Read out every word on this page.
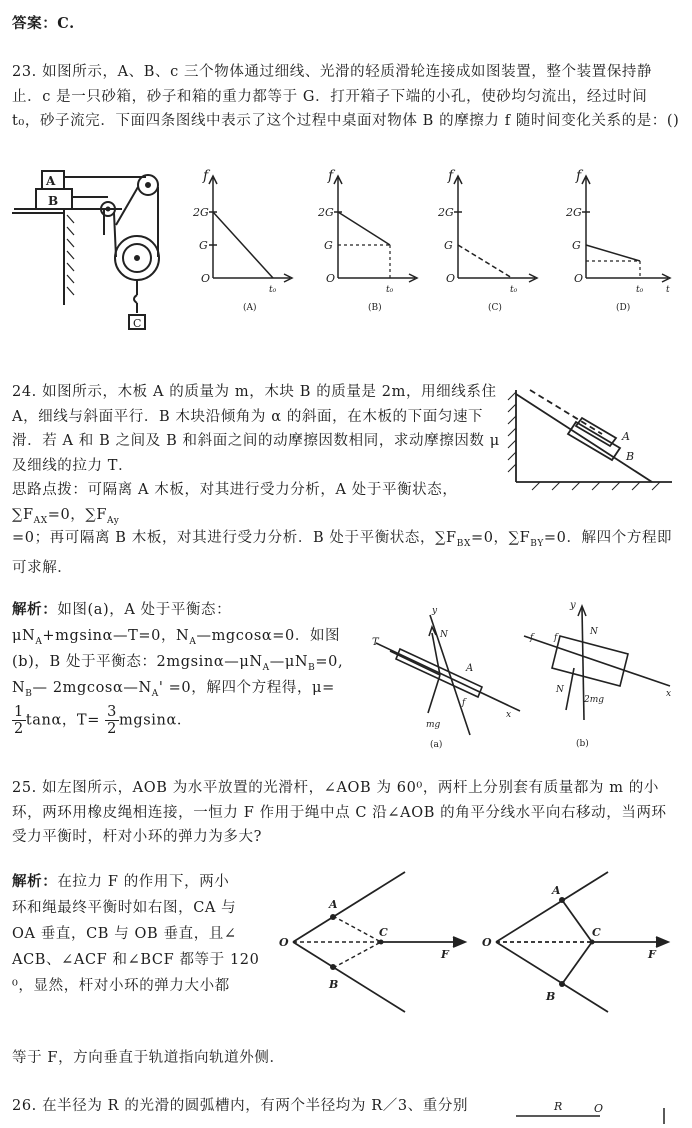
答案：C.

23. 如图所示，A、B、c 三个物体通过细线、光滑的轻质滑轮连接成如图装置，整个装置保持静止．c 是一只砂箱，砂子和箱的重力都等于 G．打开箱子下端的小孔，使砂均匀流出，经过时间 t₀，砂子流完．下面四条图线中表示了这个过程中桌面对物体 B 的摩擦力 f 随时间变化关系的是：()

A
B
C
f
2G
G
O
t₀
(A)
f
2G
G
O
t₀
(B)
f
2G
G
O
t₀
(C)
f
2G
G
O
t₀	t
(D)

24. 如图所示，木板 A 的质量为 m，木块 B 的质量是 2m，用细线系住 A，细线与斜面平行．B 木块沿倾角为 α 的斜面，在木板的下面匀速下滑．若 A 和 B 之间及 B 和斜面之间的动摩擦因数相同，求动摩擦因数 μ 及细线的拉力 T．

思路点拨：可隔离 A 木板，对其进行受力分析，A 处于平衡状态，$\sum F_{AX}=0$，$\sum F_{Ay}$
=0；再可隔离 B 木板，对其进行受力分析．B 处于平衡状态，$\sum F_{BX}=0$，$\sum F_{BY}=0$．解四个方程即可求解．
A
B
解析：如图(a)，A 处于平衡态：
$\mu N_A+mgsin\alpha—T=0$，$N_A—mgcos\alpha=0$．如图
(b)，B 处于平衡态：$2mgsin\alpha—\mu N_A—\mu N_B=0$,
$N_B—$ $2mgcos\alpha—N_A' =0$，解四个方程得，μ=
$\frac{1}{2}$ tanα，$T= \frac{3}{2}$ mgsinα．
N
T
A
mg
f
y
x
(a)
y
N
f f
N
2mg
x
(b)

25. 如左图所示，AOB 为水平放置的光滑杆，∠AOB 为 60⁰，两杆上分别套有质量都为 m 的小环，两环用橡皮绳相连接，一恒力 F 作用于绳中点 C 沿∠AOB 的角平分线水平向右移动，当两环受力平衡时，杆对小环的弹力为多大?

解析：在拉力 F 的作用下，两小
环和绳最终平衡时如右图，CA 与
OA 垂直，CB 与 OB 垂直，且∠
ACB、∠ACF 和∠BCF 都等于 120
⁰，显然，杆对小环的弹力大小都
A
B
C
O
F
A
B
C
O
F

等于 F，方向垂直于轨道指向轨道外侧．

26. 在半径为 R 的光滑的圆弧槽内，有两个半径均为 R／3、重分别	R	O
